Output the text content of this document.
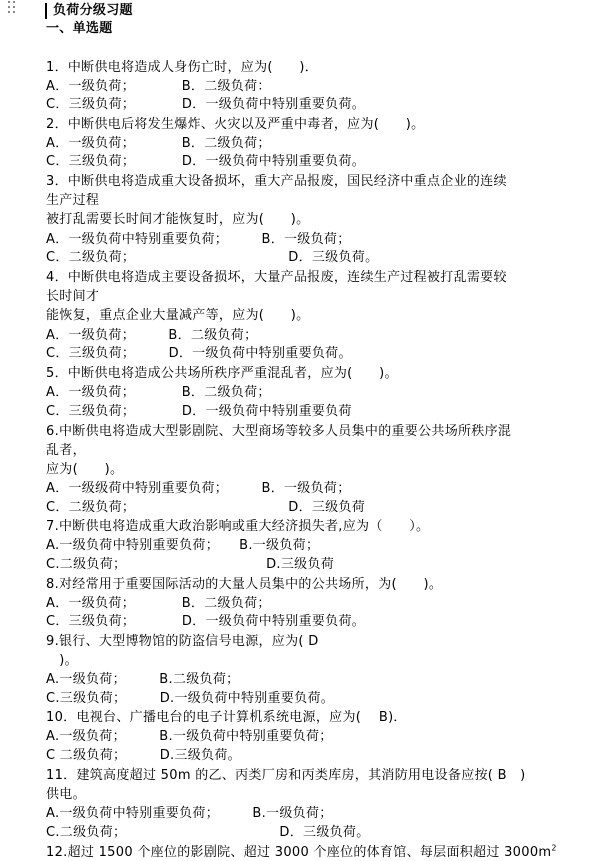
负荷分级习题
一、单选题
1．中断供电将造成人身伤亡时，应为(　　)．
A．一级负荷；　　　　B．二级负荷：
C．三级负荷；　　　　D．一级负荷中特别重要负荷。
2．中断供电后将发生爆炸、火灾以及严重中毒者，应为(　　)。
A．一级负荷；　　　　B．二级负荷；
C．三级负荷；　　　　D．一级负荷中特别重要负荷。
3．中断供电将造成重大设备损坏，重大产品报废，国民经济中重点企业的连续
生产过程
被打乱需要长时间才能恢复时，应为(　　)。
A．一级负荷中特别重要负荷；　　　B．一级负荷；
C．二级负荷；　　　　　　　　　　　　D．三级负荷。
4．中断供电将造成主要设备损坏，大量产品报废，连续生产过程被打乱需要较
长时间才
能恢复，重点企业大量减产等，应为(　　)。
A．一级负荷；　　　B．二级负荷；
C．三级负荷；　　　D．一级负荷中特别重要负荷。
5．中断供电将造成公共场所秩序严重混乱者，应为(　　)。
A．一级负荷；　　　　B．二级负荷；
C．三级负荷；　　　　D．一级负荷中特别重要负荷
6.中断供电将造成大型影剧院、大型商场等较多人员集中的重要公共场所秩序混
乱者，
应为(　　)。
A．一级级荷中特别重要负荷；　　　B．一级负荷；
C．二级负荷；　　　　　　　　　　　　D．三级负荷
7.中断供电将造成重大政治影响或重大经济损失者,应为（　　）。
A.一级负荷中特别重要负荷；　　B.一级负荷；
C.二级负荷；　　　　　　　　　　　D.三级负荷
8.对经常用于重要国际活动的大量人员集中的公共场所，为(　　)。
A．一级负荷；　　　　B．二级负荷；
C．三级负荷；　　　　D．一级负荷中特别重要负荷。
9.银行、大型博物馆的防盗信号电源，应为( D
　)。
A.一级负荷；　　　B.二级负荷；
C.三级负荷；　　　D.一级负荷中特别重要负荷。
10．电视台、广播电台的电子计算机系统电源，应为(　 B)．
A.一级负荷；　　　B.一级负荷中特别重要负荷；
C 二级负荷；　　　D.三级负荷。
11．建筑高度超过 50m 的乙、丙类厂房和丙类库房，其消防用电设备应按( B　)
供电。
A.一级负荷中特别重要负荷；　　　B.一级负荷；
C.二级负荷；　　　　　　　　　　　　D．三级负荷。
12.超过 1500 个座位的影剧院、超过 3000 个座位的体育馆、每层面积超过 $3000m^2$
